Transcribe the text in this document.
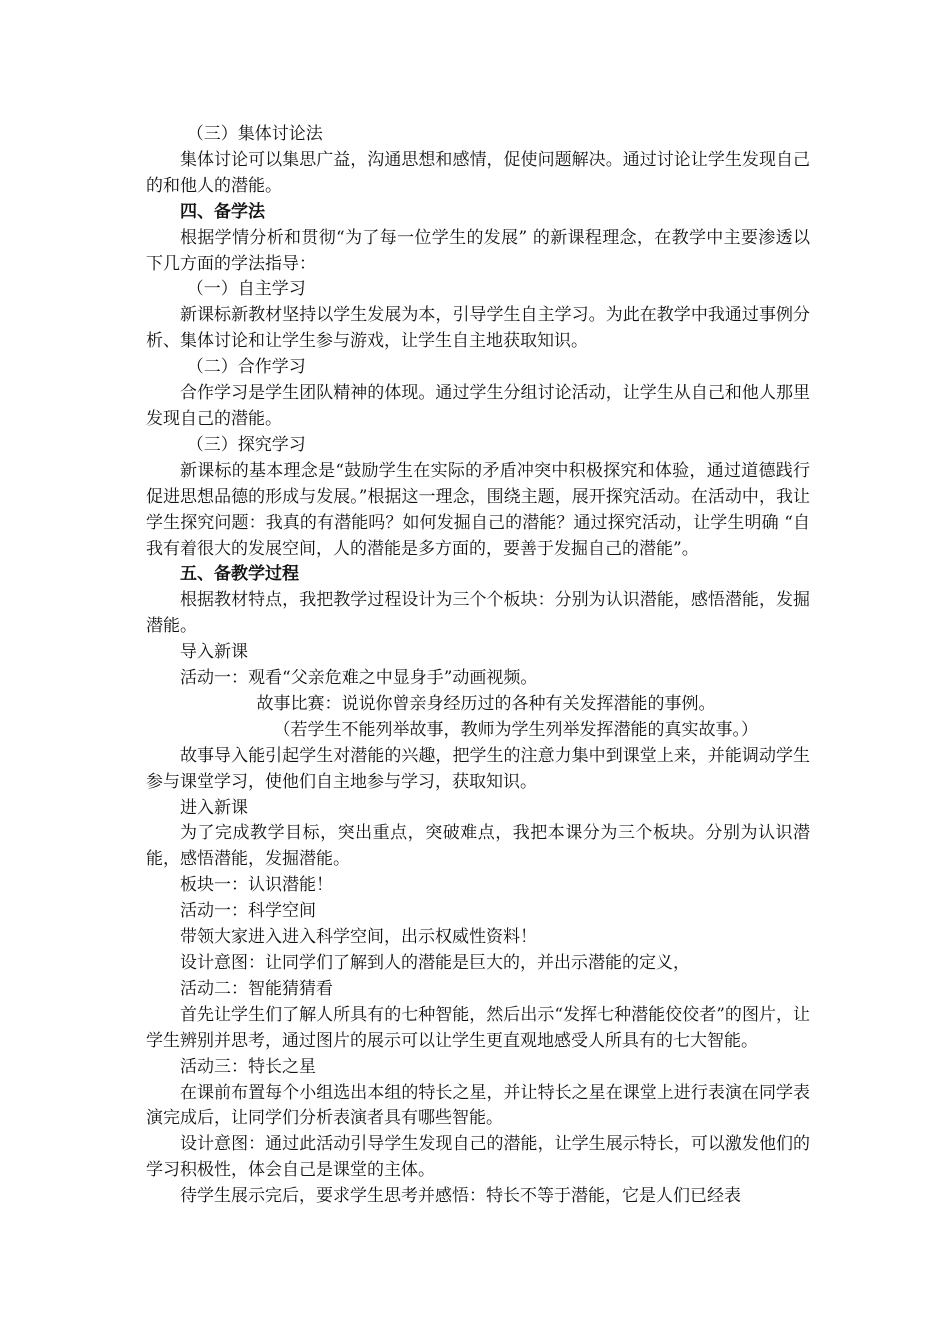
（三）集体讨论法

集体讨论可以集思广益，沟通思想和感情，促使问题解决。通过讨论让学生发现自己的和他人的潜能。

四、备学法

根据学情分析和贯彻“为了每一位学生的发展” 的新课程理念，在教学中主要渗透以下几方面的学法指导：

（一）自主学习

新课标新教材坚持以学生发展为本，引导学生自主学习。为此在教学中我通过事例分析、集体讨论和让学生参与游戏，让学生自主地获取知识。

（二）合作学习

合作学习是学生团队精神的体现。通过学生分组讨论活动，让学生从自己和他人那里发现自己的潜能。

（三）探究学习

新课标的基本理念是“鼓励学生在实际的矛盾冲突中积极探究和体验，通过道德践行促进思想品德的形成与发展。”根据这一理念，围绕主题，展开探究活动。在活动中，我让学生探究问题：我真的有潜能吗？如何发掘自己的潜能？通过探究活动，让学生明确 “自我有着很大的发展空间，人的潜能是多方面的，要善于发掘自己的潜能”。

五、备教学过程

根据教材特点，我把教学过程设计为三个个板块：分别为认识潜能，感悟潜能，发掘潜能。

导入新课

活动一：观看“父亲危难之中显身手”动画视频。

故事比赛：说说你曾亲身经历过的各种有关发挥潜能的事例。

（若学生不能列举故事，教师为学生列举发挥潜能的真实故事。）

故事导入能引起学生对潜能的兴趣，把学生的注意力集中到课堂上来，并能调动学生参与课堂学习，使他们自主地参与学习，获取知识。

进入新课

为了完成教学目标，突出重点，突破难点，我把本课分为三个板块。分别为认识潜能，感悟潜能，发掘潜能。

板块一：认识潜能！

活动一：科学空间

带领大家进入进入科学空间，出示权威性资料！

设计意图：让同学们了解到人的潜能是巨大的，并出示潜能的定义，

活动二：智能猜猜看

首先让学生们了解人所具有的七种智能，然后出示“发挥七种潜能佼佼者”的图片，让学生辨别并思考，通过图片的展示可以让学生更直观地感受人所具有的七大智能。

活动三：特长之星

在课前布置每个小组选出本组的特长之星，并让特长之星在课堂上进行表演在同学表演完成后，让同学们分析表演者具有哪些智能。

设计意图：通过此活动引导学生发现自己的潜能，让学生展示特长，可以激发他们的学习积极性，体会自己是课堂的主体。

待学生展示完后，要求学生思考并感悟：特长不等于潜能，它是人们已经表
